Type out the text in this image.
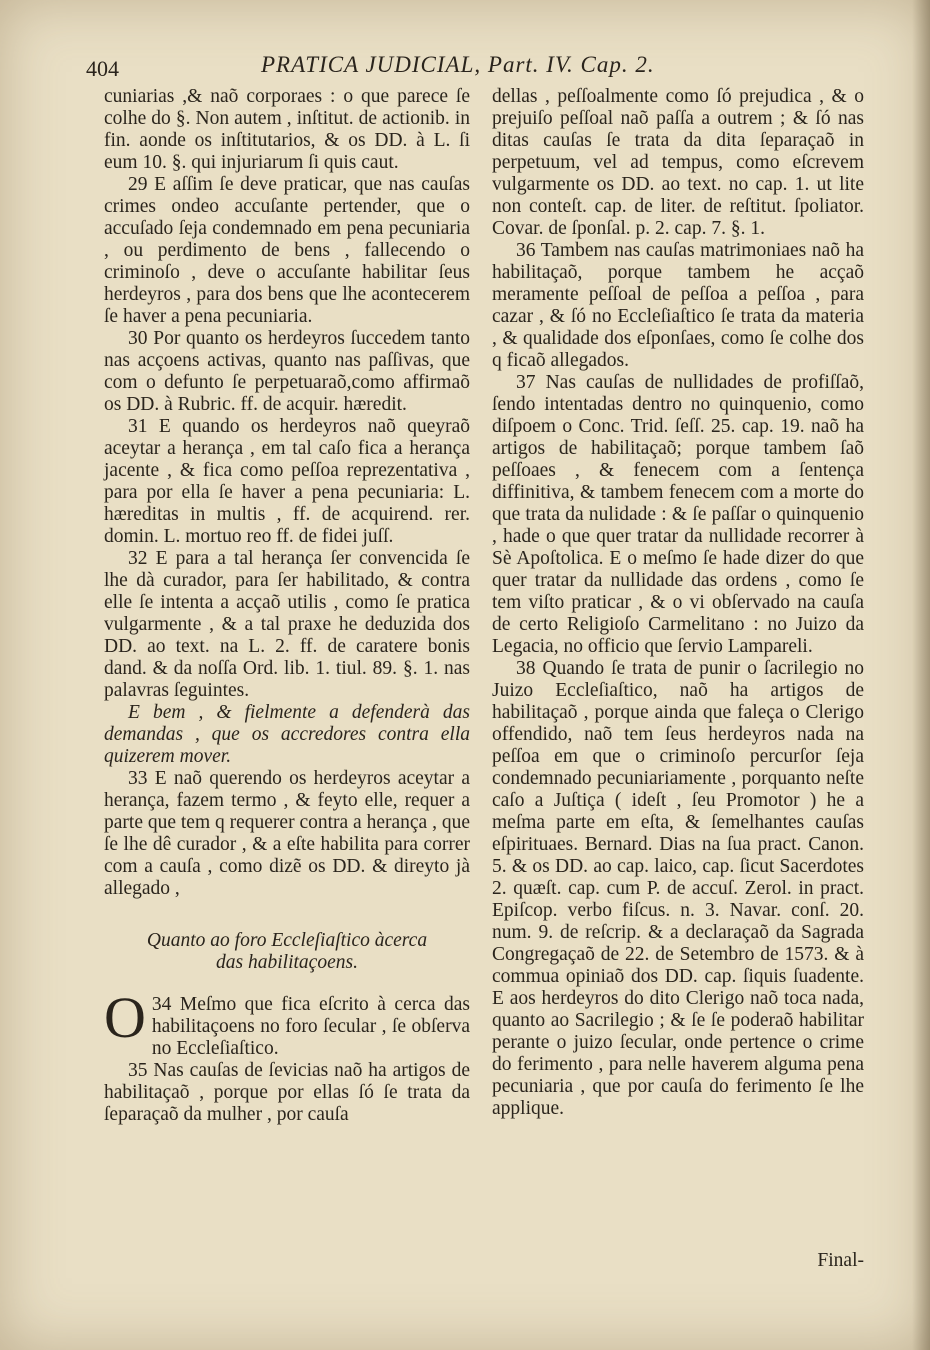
404	PRATICA JUDICIAL, Part. IV. Cap. 2.

cuniarias ,& naõ corporaes : o que parece ſe colhe do §. Non autem , inſtitut. de actionib. in fin. aonde os inſtitutarios, & os DD. à L. ſi eum 10. §. qui injuriarum ſi quis caut.

29 E aſſim ſe deve praticar, que nas cauſas crimes ondeo accuſante pertender, que o accuſado ſeja condemnado em pena pecuniaria , ou perdimento de bens , fallecendo o criminoſo , deve o accuſante habilitar ſeus herdeyros , para dos bens que lhe acontecerem ſe haver a pena pecuniaria.

30 Por quanto os herdeyros ſuccedem tanto nas acçoens activas, quanto nas paſſivas, que com o defunto ſe perpetuaraõ,como affirmaõ os DD. à Rubric. ff. de acquir. hæredit.

31 E quando os herdeyros naõ queyraõ aceytar a herança , em tal caſo fica a herança jacente , & fica como peſſoa reprezentativa , para por ella ſe haver a pena pecuniaria: L. hæreditas in multis , ff. de acquirend. rer. domin. L. mortuo reo ff. de fidei juſſ.

32 E para a tal herança ſer convencida ſe lhe dà curador, para ſer habilitado, & contra elle ſe intenta a acçaõ utilis , como ſe pratica vulgarmente , & a tal praxe he deduzida dos DD. ao text. na L. 2. ff. de caratere bonis dand. & da noſſa Ord. lib. 1. tiul. 89. §. 1. nas palavras ſeguintes.

E bem , & fielmente a defenderà das demandas , que os accredores contra ella quizerem mover.

33 E naõ querendo os herdeyros aceytar a herança, fazem termo , & feyto elle, requer a parte que tem q requerer contra a herança , que ſe lhe dê curador , & a eſte habilita para correr com a cauſa , como dizẽ os DD. & direyto jà allegado ,

Quanto ao foro Eccleſiaſtico àcerca
das habilitaçoens.

O 34 Meſmo que fica eſcrito à cerca das habilitaçoens no foro ſecular , ſe obſerva no Eccleſiaſtico.

35 Nas cauſas de ſevicias naõ ha artigos de habilitaçaõ , porque por ellas ſó ſe trata da ſeparaçaõ da mulher , por cauſa

dellas , peſſoalmente como ſó prejudica , & o prejuiſo peſſoal naõ paſſa a outrem ; & ſó nas ditas cauſas ſe trata da dita ſeparaçaõ in perpetuum, vel ad tempus, como eſcrevem vulgarmente os DD. ao text. no cap. 1. ut lite non conteſt. cap. de liter. de reſtitut. ſpoliator. Covar. de ſponſal. p. 2. cap. 7. §. 1.

36 Tambem nas cauſas matrimoniaes naõ ha habilitaçaõ, porque tambem he acçaõ meramente peſſoal de peſſoa a peſſoa , para cazar , & ſó no Eccleſiaſtico ſe trata da materia , & qualidade dos eſponſaes, como ſe colhe dos q ficaõ allegados.

37 Nas cauſas de nullidades de profiſſaõ, ſendo intentadas dentro no quinquenio, como diſpoem o Conc. Trid. ſeſſ. 25. cap. 19. naõ ha artigos de habilitaçaõ; porque tambem ſaõ peſſoaes , & fenecem com a ſentença diffinitiva, & tambem fenecem com a morte do que trata da nulidade : & ſe paſſar o quinquenio , hade o que quer tratar da nullidade recorrer à Sè Apoſtolica. E o meſmo ſe hade dizer do que quer tratar da nullidade das ordens , como ſe tem viſto praticar , & o vi obſervado na cauſa de certo Religioſo Carmelitano : no Juizo da Legacia, no officio que ſervio Lampareli.

38 Quando ſe trata de punir o ſacrilegio no Juizo Eccleſiaſtico, naõ ha artigos de habilitaçaõ , porque ainda que faleça o Clerigo offendido, naõ tem ſeus herdeyros nada na peſſoa em que o criminoſo percurſor ſeja condemnado pecuniariamente , porquanto neſte caſo a Juſtiça ( ideſt , ſeu Promotor ) he a meſma parte em eſta, & ſemelhantes cauſas eſpirituaes. Bernard. Dias na ſua pract. Canon. 5. & os DD. ao cap. laico, cap. ſicut Sacerdotes 2. quæſt. cap. cum P. de accuſ. Zerol. in pract. Epiſcop. verbo fiſcus. n. 3. Navar. conſ. 20. num. 9. de reſcrip. & a declaraçaõ da Sagrada Congregaçaõ de 22. de Setembro de 1573. & à commua opiniaõ dos DD. cap. ſiquis ſuadente. E aos herdeyros do dito Clerigo naõ toca nada, quanto ao Sacrilegio ; & ſe ſe poderaõ habilitar perante o juizo ſecular, onde pertence o crime do ferimento , para nelle haverem alguma pena pecuniaria , que por cauſa do ferimento ſe lhe applique.

Final-
